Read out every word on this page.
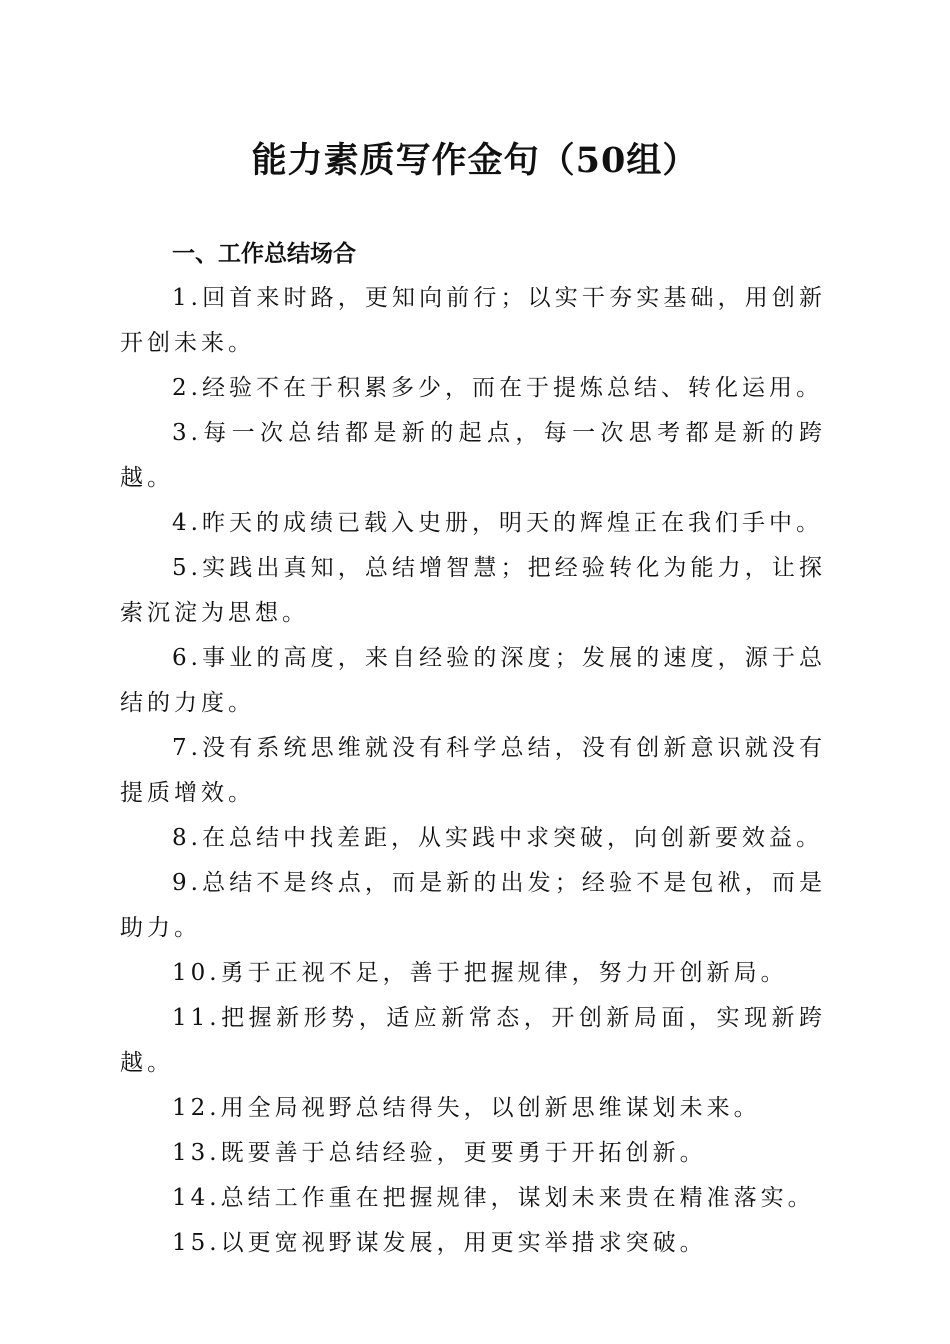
能力素质写作金句（50组）
一、工作总结场合

1.回首来时路，更知向前行；以实干夯实基础，用创新开创未来。

2.经验不在于积累多少，而在于提炼总结、转化运用。

3.每一次总结都是新的起点，每一次思考都是新的跨越。

4.昨天的成绩已载入史册，明天的辉煌正在我们手中。

5.实践出真知，总结增智慧；把经验转化为能力，让探索沉淀为思想。

6.事业的高度，来自经验的深度；发展的速度，源于总结的力度。

7.没有系统思维就没有科学总结，没有创新意识就没有提质增效。

8.在总结中找差距，从实践中求突破，向创新要效益。

9.总结不是终点，而是新的出发；经验不是包袱，而是助力。

10.勇于正视不足，善于把握规律，努力开创新局。

11.把握新形势，适应新常态，开创新局面，实现新跨越。

12.用全局视野总结得失，以创新思维谋划未来。

13.既要善于总结经验，更要勇于开拓创新。

14.总结工作重在把握规律，谋划未来贵在精准落实。

15.以更宽视野谋发展，用更实举措求突破。
